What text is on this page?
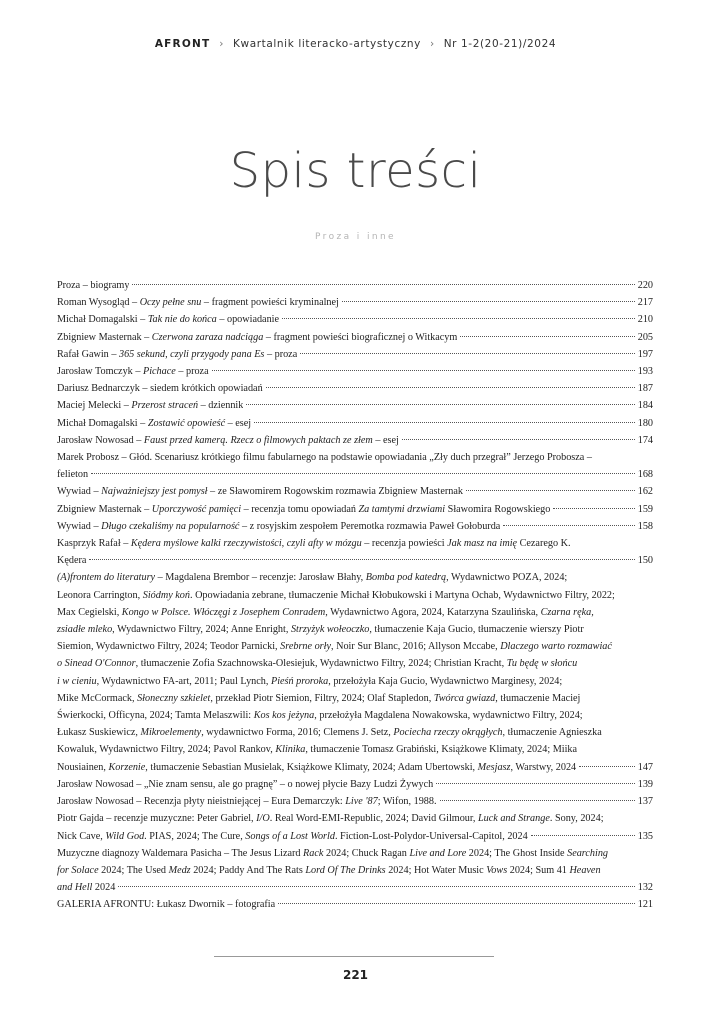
AFRONT › Kwartalnik literacko-artystyczny › Nr 1-2(20-21)/2024
Spis treści
Proza i inne
Proza – biogramy	220
Roman Wysogląd – Oczy pełne snu – fragment powieści kryminalnej	217
Michał Domagalski – Tak nie do końca – opowiadanie	210
Zbigniew Masternak – Czerwona zaraza nadciąga – fragment powieści biograficznej o Witkacym	205
Rafał Gawin – 365 sekund, czyli przygody pana Es – proza	197
Jarosław Tomczyk – Pichace – proza	193
Dariusz Bednarczyk – siedem krótkich opowiadań	187
Maciej Melecki – Przerost straceń – dziennik	184
Michał Domagalski – Zostawić opowieść – esej	180
Jarosław Nowosad – Faust przed kamerą. Rzecz o filmowych paktach ze złem – esej	174
Marek Probosz – Głód. Scenariusz krótkiego filmu fabularnego na podstawie opowiadania „Zły duch przegrał” Jerzego Probosza –
felieton	168
Wywiad – Najważniejszy jest pomysł – ze Sławomirem Rogowskim rozmawia Zbigniew Masternak	162
Zbigniew Masternak – Uporczywość pamięci – recenzja tomu opowiadań Za tamtymi drzwiami Sławomira Rogowskiego	159
Wywiad – Długo czekaliśmy na popularność – z rosyjskim zespołem Peremotka rozmawia Paweł Gołoburda	158
Kasprzyk Rafał – Kędera myślowe kalki rzeczywistości, czyli afty w mózgu – recenzja powieści Jak masz na imię Cezarego K.
Kędera	150
(A)frontem do literatury – Magdalena Brembor – recenzje: Jarosław Błahy, Bomba pod katedrą, Wydawnictwo POZA, 2024;
Leonora Carrington, Siódmy koń. Opowiadania zebrane, tłumaczenie Michał Kłobukowski i Martyna Ochab, Wydawnictwo Filtry, 2022;
Max Cegielski, Kongo w Polsce. Włóczęgi z Josephem Conradem, Wydawnictwo Agora, 2024, Katarzyna Szaulińska, Czarna ręka,
zsiadłe mleko, Wydawnictwo Filtry, 2024; Anne Enright, Strzyżyk wołeoczko, tłumaczenie Kaja Gucio, tłumaczenie wierszy Piotr
Siemion, Wydawnictwo Filtry, 2024; Teodor Parnicki, Srebrne orły, Noir Sur Blanc, 2016; Allyson Mccabe, Dlaczego warto rozmawiać
o Sinead O'Connor, tłumaczenie Zofia Szachnowska-Olesiejuk, Wydawnictwo Filtry, 2024; Christian Kracht, Tu będę w słońcu
i w cieniu, Wydawnictwo FA-art, 2011; Paul Lynch, Pieśń proroka, przełożyła Kaja Gucio, Wydawnictwo Marginesy, 2024;
Mike McCormack, Słoneczny szkielet, przekład Piotr Siemion, Filtry, 2024; Olaf Stapledon, Twórca gwiazd, tłumaczenie Maciej
Świerkocki, Officyna, 2024; Tamta Melaszwili: Kos kos jeżyna, przełożyła Magdalena Nowakowska, wydawnictwo Filtry, 2024;
Łukasz Suskiewicz, Mikroelementy, wydawnictwo Forma, 2016; Clemens J. Setz, Pociecha rzeczy okrągłych, tłumaczenie Agnieszka
Kowaluk, Wydawnictwo Filtry, 2024; Pavol Rankov, Klinika, tłumaczenie Tomasz Grabiński, Książkowe Klimaty, 2024; Miika
Nousiainen, Korzenie, tłumaczenie Sebastian Musielak, Książkowe Klimaty, 2024; Adam Ubertowski, Mesjasz, Warstwy, 2024	147
Jarosław Nowosad – „Nie znam sensu, ale go pragnę” – o nowej płycie Bazy Ludzi Żywych	139
Jarosław Nowosad – Recenzja płyty nieistniejącej – Eura Demarczyk: Live '87; Wifon, 1988.	137
Piotr Gajda – recenzje muzyczne: Peter Gabriel, I/O. Real Word-EMI-Republic, 2024; David Gilmour, Luck and Strange. Sony, 2024;
Nick Cave, Wild God. PIAS, 2024; The Cure, Songs of a Lost World. Fiction-Lost-Polydor-Universal-Capitol, 2024	135
Muzyczne diagnozy Waldemara Pasicha – The Jesus Lizard Rack 2024; Chuck Ragan Live and Lore 2024; The Ghost Inside Searching
for Solace 2024; The Used Medz 2024; Paddy And The Rats Lord Of The Drinks 2024; Hot Water Music Vows 2024; Sum 41 Heaven
and Hell 2024	132
GALERIA AFRONTU: Łukasz Dwornik – fotografia	121
221
